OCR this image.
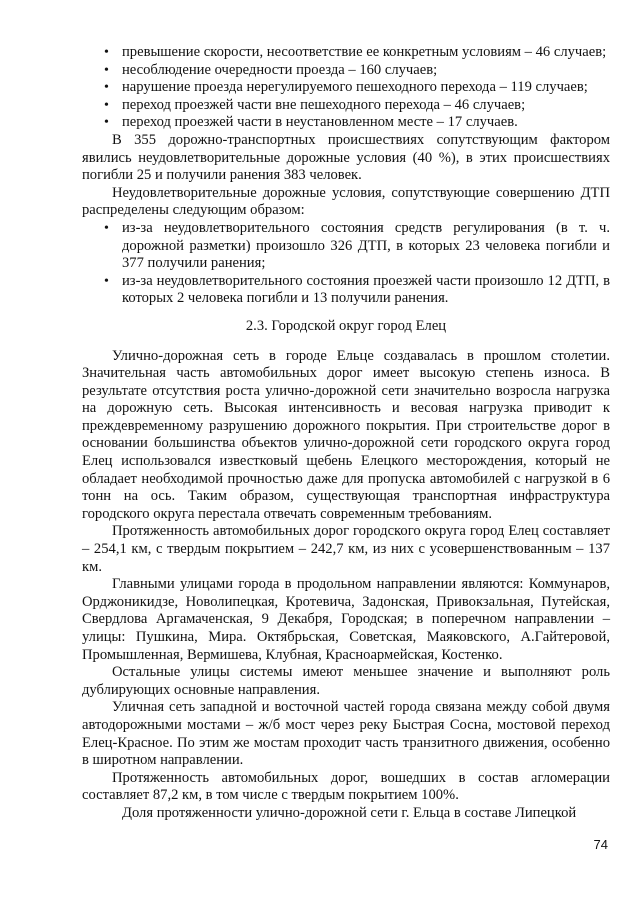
• превышение скорости, несоответствие ее конкретным условиям – 46 случаев;
• несоблюдение очередности проезда – 160 случаев;
• нарушение проезда нерегулируемого пешеходного перехода – 119 случаев;
• переход проезжей части вне пешеходного перехода – 46 случаев;
• переход проезжей части в неустановленном месте – 17 случаев.

В 355 дорожно-транспортных происшествиях сопутствующим фактором явились неудовлетворительные дорожные условия (40 %), в этих происшествиях погибли 25 и получили ранения 383 человек.

Неудовлетворительные дорожные условия, сопутствующие совершению ДТП распределены следующим образом:

• из-за неудовлетворительного состояния средств регулирования (в т. ч. дорожной разметки) произошло 326 ДТП, в которых 23 человека погибли и 377 получили ранения;
• из-за неудовлетворительного состояния проезжей части произошло 12 ДТП, в которых 2 человека погибли и 13 получили ранения.
2.3. Городской округ город Елец

Улично-дорожная сеть в городе Ельце создавалась в прошлом столетии. Значительная часть автомобильных дорог имеет высокую степень износа. В результате отсутствия роста улично-дорожной сети значительно возросла нагрузка на дорожную сеть. Высокая интенсивность и весовая нагрузка приводит к преждевременному разрушению дорожного покрытия. При строительстве дорог в основании большинства объектов улично-дорожной сети городского округа город Елец использовался известковый щебень Елецкого месторождения, который не обладает необходимой прочностью даже для пропуска автомобилей с нагрузкой в 6 тонн на ось. Таким образом, существующая транспортная инфраструктура городского округа перестала отвечать современным требованиям.

Протяженность автомобильных дорог городского округа город Елец составляет – 254,1 км, с твердым покрытием – 242,7 км, из них с усовершенствованным – 137 км.

Главными улицами города в продольном направлении являются: Коммунаров, Орджоникидзе, Новолипецкая, Кротевича, Задонская, Привокзальная, Путейская, Свердлова Аргамаченская, 9 Декабря, Городская; в поперечном направлении – улицы: Пушкина, Мира. Октябрьская, Советская, Маяковского, А.Гайтеровой, Промышленная, Вермишева, Клубная, Красноармейская, Костенко.

Остальные улицы системы имеют меньшее значение и выполняют роль дублирующих основные направления.

Уличная сеть западной и восточной частей города связана между собой двумя автодорожными мостами – ж/б мост через реку Быстрая Сосна, мостовой переход Елец-Красное. По этим же мостам проходит часть транзитного движения, особенно в широтном направлении.

Протяженность автомобильных дорог, вошедших в состав агломерации составляет 87,2 км, в том числе с твердым покрытием 100%.

Доля протяженности улично-дорожной сети г. Ельца в составе Липецкой

74
